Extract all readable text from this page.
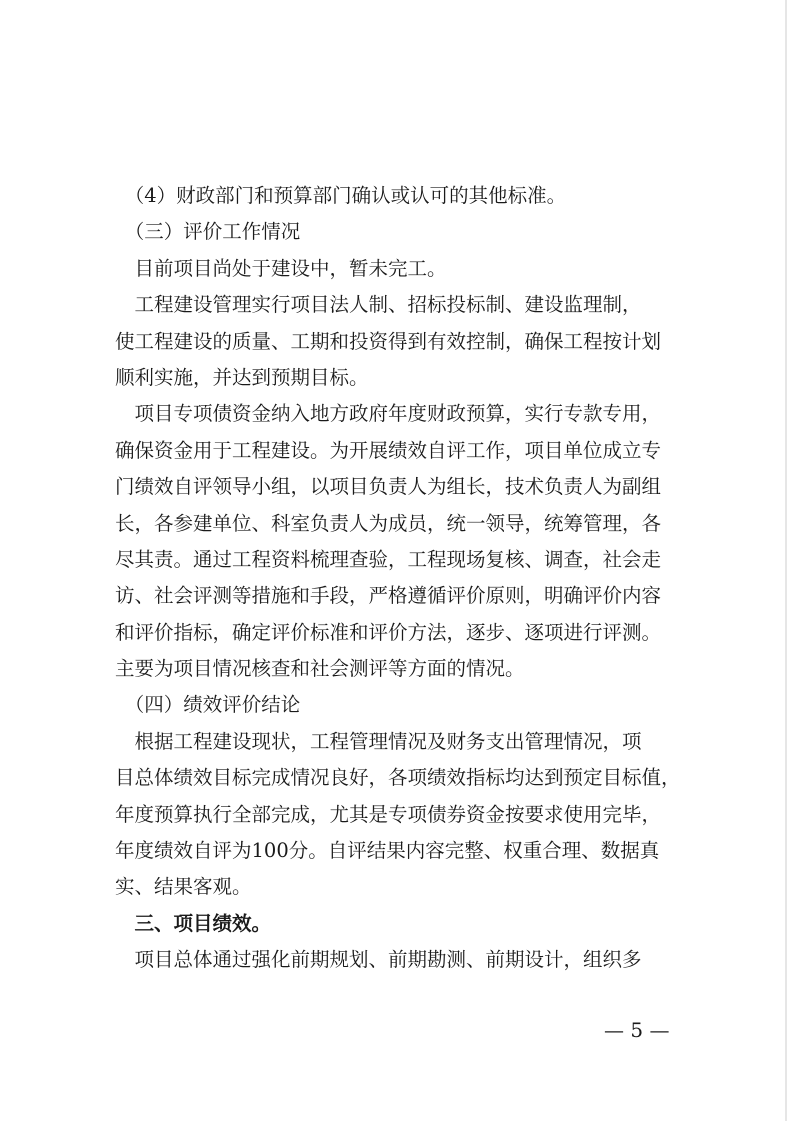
　（4）财政部门和预算部门确认或认可的其他标准。
　（三）评价工作情况
　目前项目尚处于建设中，暂未完工。
　工程建设管理实行项目法人制、招标投标制、建设监理制，
使工程建设的质量、工期和投资得到有效控制，确保工程按计划
顺利实施，并达到预期目标。
　项目专项债资金纳入地方政府年度财政预算，实行专款专用，
确保资金用于工程建设。为开展绩效自评工作，项目单位成立专
门绩效自评领导小组，以项目负责人为组长，技术负责人为副组
长，各参建单位、科室负责人为成员，统一领导，统筹管理，各
尽其责。通过工程资料梳理查验，工程现场复核、调查，社会走
访、社会评测等措施和手段，严格遵循评价原则，明确评价内容
和评价指标，确定评价标准和评价方法，逐步、逐项进行评测。
主要为项目情况核查和社会测评等方面的情况。
　（四）绩效评价结论
　根据工程建设现状，工程管理情况及财务支出管理情况，项
目总体绩效目标完成情况良好，各项绩效指标均达到预定目标值，
年度预算执行全部完成，尤其是专项债券资金按要求使用完毕，
年度绩效自评为100分。自评结果内容完整、权重合理、数据真
实、结果客观。
　三、项目绩效。
　项目总体通过强化前期规划、前期勘测、前期设计，组织多
— 5 —
